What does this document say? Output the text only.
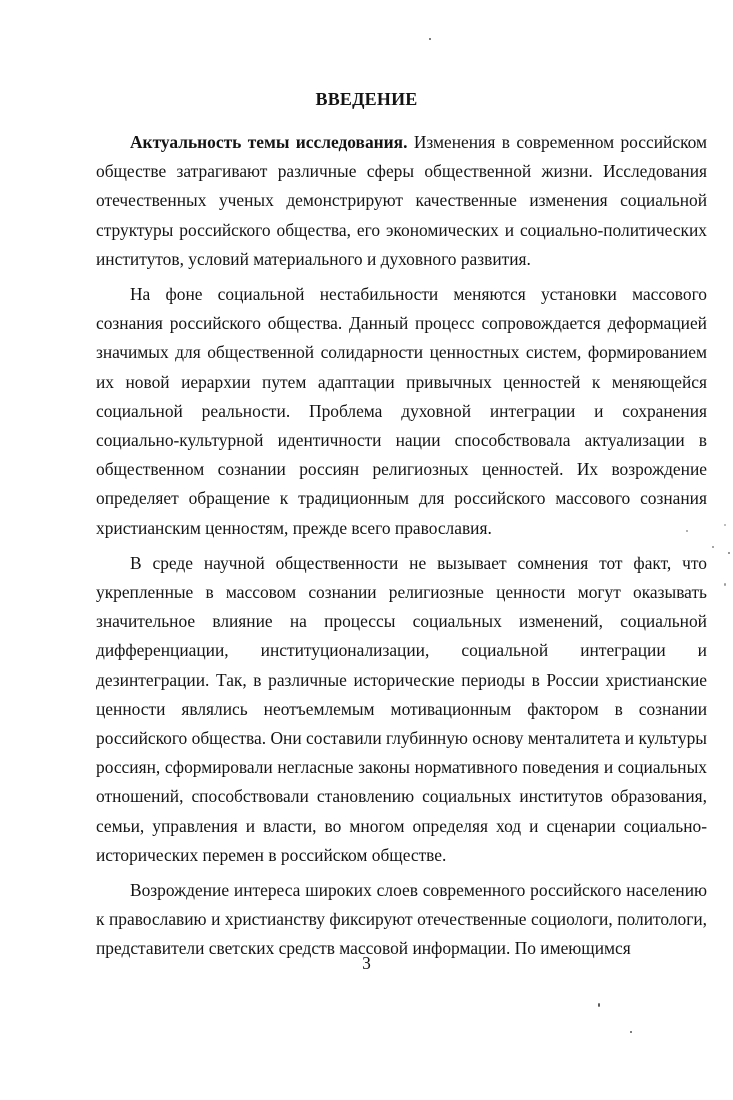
ВВЕДЕНИЕ

Актуальность темы исследования. Изменения в современном российском обществе затрагивают различные сферы общественной жизни. Исследования отечественных ученых демонстрируют качественные изменения социальной структуры российского общества, его экономических и социально-политических институтов, условий материального и духовного развития.

На фоне социальной нестабильности меняются установки массового сознания российского общества. Данный процесс сопровождается деформацией значимых для общественной солидарности ценностных систем, формированием их новой иерархии путем адаптации привычных ценностей к меняющейся социальной реальности. Проблема духовной интеграции и сохранения социально-культурной идентичности нации способствовала актуализации в общественном сознании россиян религиозных ценностей. Их возрождение определяет обращение к традиционным для российского массового сознания христианским ценностям, прежде всего православия.

В среде научной общественности не вызывает сомнения тот факт, что укрепленные в массовом сознании религиозные ценности могут оказывать значительное влияние на процессы социальных изменений, социальной дифференциации, институционализации, социальной интеграции и дезинтеграции. Так, в различные исторические периоды в России христианские ценности являлись неотъемлемым мотивационным фактором в сознании российского общества. Они составили глубинную основу менталитета и культуры россиян, сформировали негласные законы нормативного поведения и социальных отношений, способствовали становлению социальных институтов образования, семьи, управления и власти, во многом определяя ход и сценарии социально-исторических перемен в российском обществе.

Возрождение интереса широких слоев современного российского населению к православию и христианству фиксируют отечественные социологи, политологи, представители светских средств массовой информации. По имеющимся

3
